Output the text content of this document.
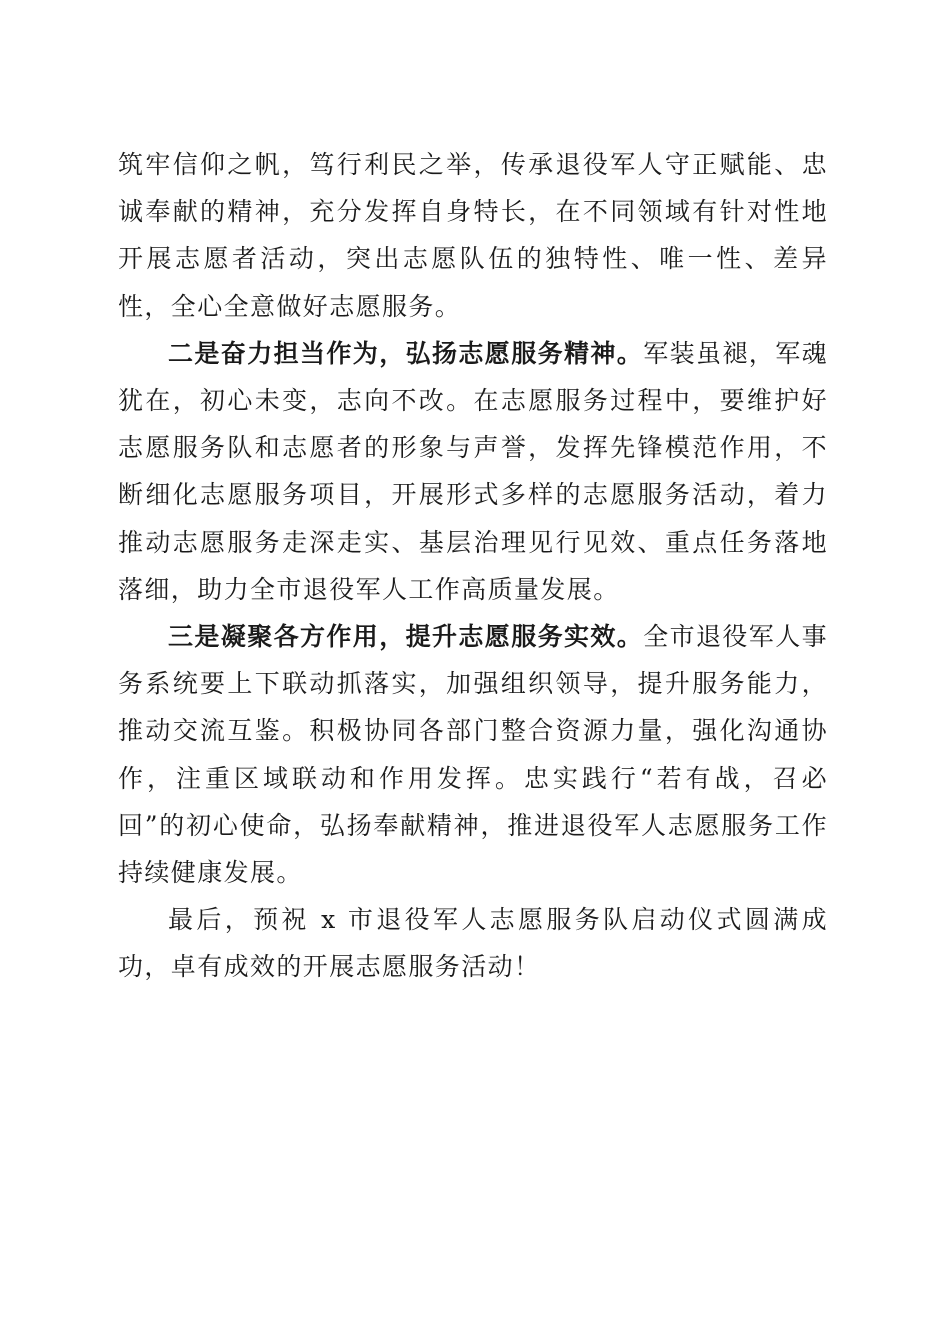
筑牢信仰之帆，笃行利民之举，传承退役军人守正赋能、忠诚奉献的精神，充分发挥自身特长，在不同领域有针对性地开展志愿者活动，突出志愿队伍的独特性、唯一性、差异性，全心全意做好志愿服务。

二是奋力担当作为，弘扬志愿服务精神。军装虽褪，军魂犹在，初心未变，志向不改。在志愿服务过程中，要维护好志愿服务队和志愿者的形象与声誉，发挥先锋模范作用，不断细化志愿服务项目，开展形式多样的志愿服务活动，着力推动志愿服务走深走实、基层治理见行见效、重点任务落地落细，助力全市退役军人工作高质量发展。

三是凝聚各方作用，提升志愿服务实效。全市退役军人事务系统要上下联动抓落实，加强组织领导，提升服务能力，推动交流互鉴。积极协同各部门整合资源力量，强化沟通协作，注重区域联动和作用发挥。忠实践行“若有战，召必回”的初心使命，弘扬奉献精神，推进退役军人志愿服务工作持续健康发展。

最后，预祝 x 市退役军人志愿服务队启动仪式圆满成功，卓有成效的开展志愿服务活动！
